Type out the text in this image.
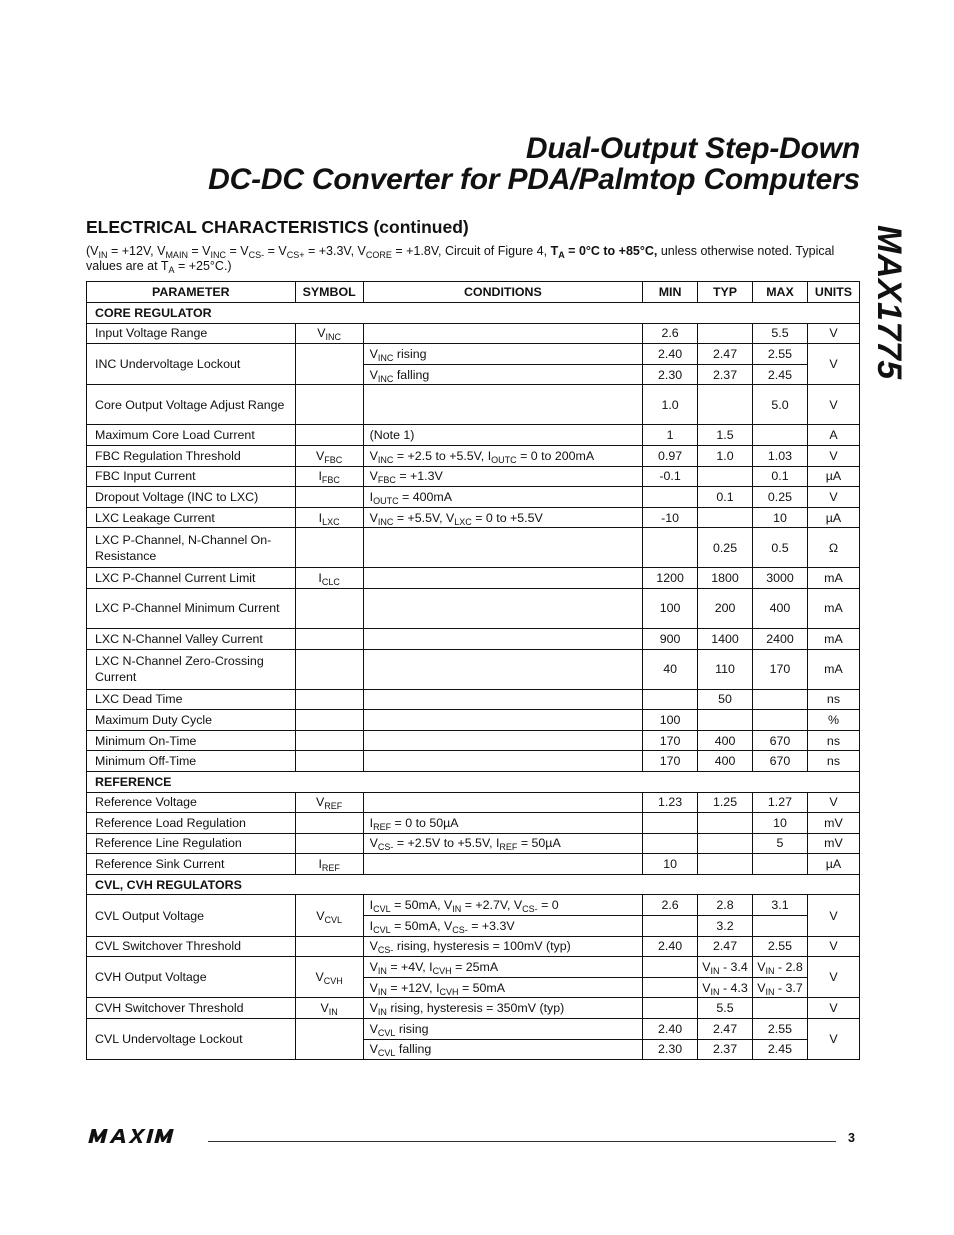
Dual-Output Step-Down
DC-DC Converter for PDA/Palmtop Computers
MAX1775
ELECTRICAL CHARACTERISTICS (continued)
($V_{IN} = +12V$, $V_{MAIN} = V_{INC} = V_{CS-} = V_{CS+} = +3.3V$, $V_{CORE} = +1.8V$, Circuit of Figure 4, $T_A = 0^\circ C$ to +85°C, unless otherwise noted. Typical values are at $T_A = +25^\circ C$.)
PARAMETER	SYMBOL	CONDITIONS	MIN	TYP	MAX	UNITS
CORE REGULATOR						
Input Voltage Range	$V_{INC}$		2.6		5.5	V
INC Undervoltage Lockout		$V_{INC}$ rising	2.40	2.47	2.55	V
		$V_{INC}$ falling	2.30	2.37	2.45	
Core Output Voltage Adjust Range			1.0		5.0	V
Maximum Core Load Current		(Note 1)	1	1.5		A
FBC Regulation Threshold	$V_{FBC}$	$V_{INC} = +2.5$ to +5.5V, $I_{OUTC} = 0$ to 200mA	0.97	1.0	1.03	V
FBC Input Current	$I_{FBC}$	$V_{FBC} = +1.3V$	-0.1		0.1	µA
Dropout Voltage (INC to LXC)		$I_{OUTC} = 400mA$		0.1	0.25	V
LXC Leakage Current	$I_{LXC}$	$V_{INC} = +5.5V$, $V_{LXC} = 0$ to +5.5V	-10		10	µA
LXC P-Channel, N-Channel On-Resistance				0.25	0.5	Ω
LXC P-Channel Current Limit	$I_{CLC}$		1200	1800	3000	mA
LXC P-Channel Minimum Current			100	200	400	mA
LXC N-Channel Valley Current			900	1400	2400	mA
LXC N-Channel Zero-Crossing Current			40	110	170	mA
LXC Dead Time				50		ns
Maximum Duty Cycle			100			%
Minimum On-Time			170	400	670	ns
Minimum Off-Time			170	400	670	ns
REFERENCE						
Reference Voltage	$V_{REF}$		1.23	1.25	1.27	V
Reference Load Regulation		$I_{REF} = 0$ to 50µA			10	mV
Reference Line Regulation		$V_{CS-} = +2.5V$ to +5.5V, $I_{REF} = 50\mu A$			5	mV
Reference Sink Current	$I_{REF}$		10			µA
CVL, CVH REGULATORS						
CVL Output Voltage	$V_{CVL}$	$I_{CVL} = 50mA$, $V_{IN} = +2.7V$, $V_{CS-} = 0$	2.6	2.8	3.1	V
		$I_{CVL} = 50mA$, $V_{CS-} = +3.3V$		3.2		
CVL Switchover Threshold		$V_{CS-}$ rising, hysteresis = 100mV (typ)	2.40	2.47	2.55	V
CVH Output Voltage	$V_{CVH}$	$V_{IN} = +4V$, $I_{CVH} = 25mA$		$V_{IN} - 3.4$	$V_{IN} - 2.8$	V
		$V_{IN} = +12V$, $I_{CVH} = 50mA$		$V_{IN} - 4.3$	$V_{IN} - 3.7$	
CVH Switchover Threshold	$V_{IN}$	$V_{IN}$ rising, hysteresis = 350mV (typ)		5.5		V
CVL Undervoltage Lockout		$V_{CVL}$ rising	2.40	2.47	2.55	V
		$V_{CVL}$ falling	2.30	2.37	2.45	
3
